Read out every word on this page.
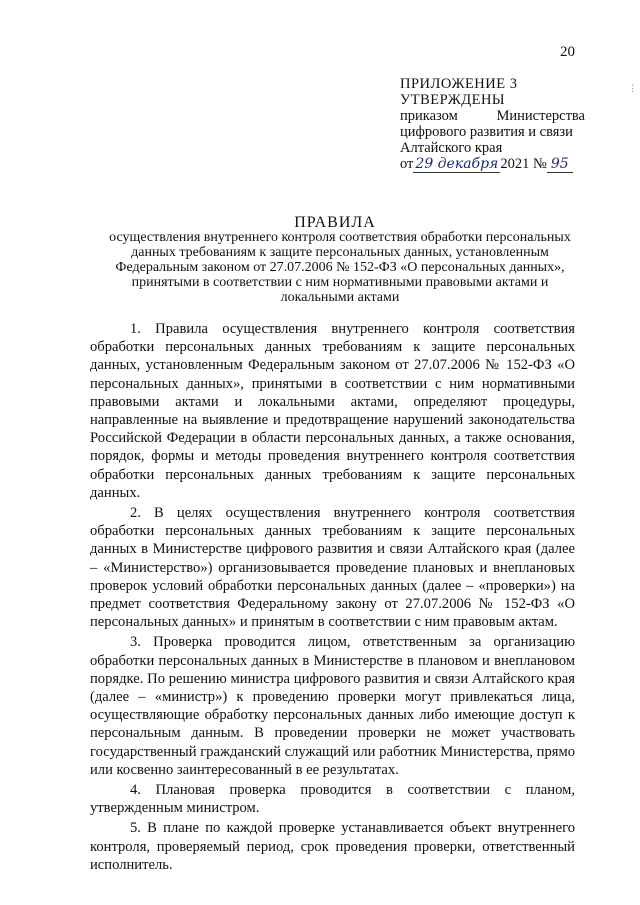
20
...
ПРИЛОЖЕНИЕ 3
УТВЕРЖДЕНЫ
приказом	Министерства
цифрового развития и связи
Алтайского края
от 29 декабря 2021 № 95
ПРАВИЛА
осуществления внутреннего контроля соответствия обработки персональных данных требованиям к защите персональных данных, установленным Федеральным законом от 27.07.2006 № 152-ФЗ «О персональных данных», принятыми в соответствии с ним нормативными правовыми актами и локальными актами

1. Правила осуществления внутреннего контроля соответствия обработки персональных данных требованиям к защите персональных данных, установленным Федеральным законом от 27.07.2006 № 152-ФЗ «О персональных данных», принятыми в соответствии с ним нормативными правовыми актами и локальными актами, определяют процедуры, направленные на выявление и предотвращение нарушений законодательства Российской Федерации в области персональных данных, а также основания, порядок, формы и методы проведения внутреннего контроля соответствия обработки персональных данных требованиям к защите персональных данных.

2. В целях осуществления внутреннего контроля соответствия обработки персональных данных требованиям к защите персональных данных в Министерстве цифрового развития и связи Алтайского края (далее – «Министерство») организовывается проведение плановых и внеплановых проверок условий обработки персональных данных (далее – «проверки») на предмет соответствия Федеральному закону от 27.07.2006 № 152-ФЗ «О персональных данных» и принятым в соответствии с ним правовым актам.

3. Проверка проводится лицом, ответственным за организацию обработки персональных данных в Министерстве в плановом и внеплановом порядке. По решению министра цифрового развития и связи Алтайского края (далее – «министр») к проведению проверки могут привлекаться лица, осуществляющие обработку персональных данных либо имеющие доступ к персональным данным. В проведении проверки не может участвовать государственный гражданский служащий или работник Министерства, прямо или косвенно заинтересованный в ее результатах.

4. Плановая проверка проводится в соответствии с планом, утвержденным министром.

5. В плане по каждой проверке устанавливается объект внутреннего контроля, проверяемый период, срок проведения проверки, ответственный исполнитель.
